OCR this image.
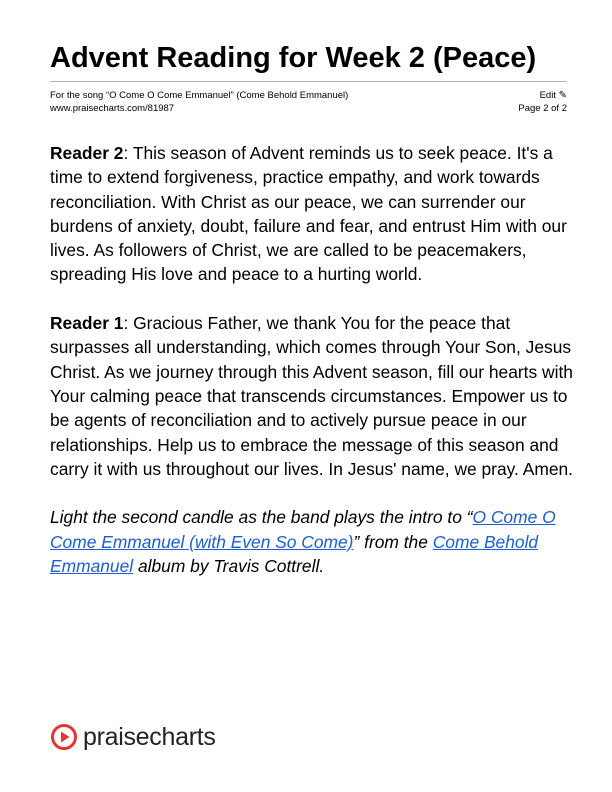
Advent Reading for Week 2 (Peace)
For the song “O Come O Come Emmanuel” (Come Behold Emmanuel)
www.praisecharts.com/81987
Edit ✎
Page 2 of 2

Reader 2: This season of Advent reminds us to seek peace. It's a time to extend forgiveness, practice empathy, and work towards reconciliation. With Christ as our peace, we can surrender our burdens of anxiety, doubt, failure and fear, and entrust Him with our lives. As followers of Christ, we are called to be peacemakers, spreading His love and peace to a hurting world.

Reader 1: Gracious Father, we thank You for the peace that surpasses all understanding, which comes through Your Son, Jesus Christ. As we journey through this Advent season, fill our hearts with Your calming peace that transcends circumstances. Empower us to be agents of reconciliation and to actively pursue peace in our relationships. Help us to embrace the message of this season and carry it with us throughout our lives. In Jesus' name, we pray. Amen.

Light the second candle as the band plays the intro to “O Come O Come Emmanuel (with Even So Come)” from the Come Behold Emmanuel album by Travis Cottrell.

praisecharts
